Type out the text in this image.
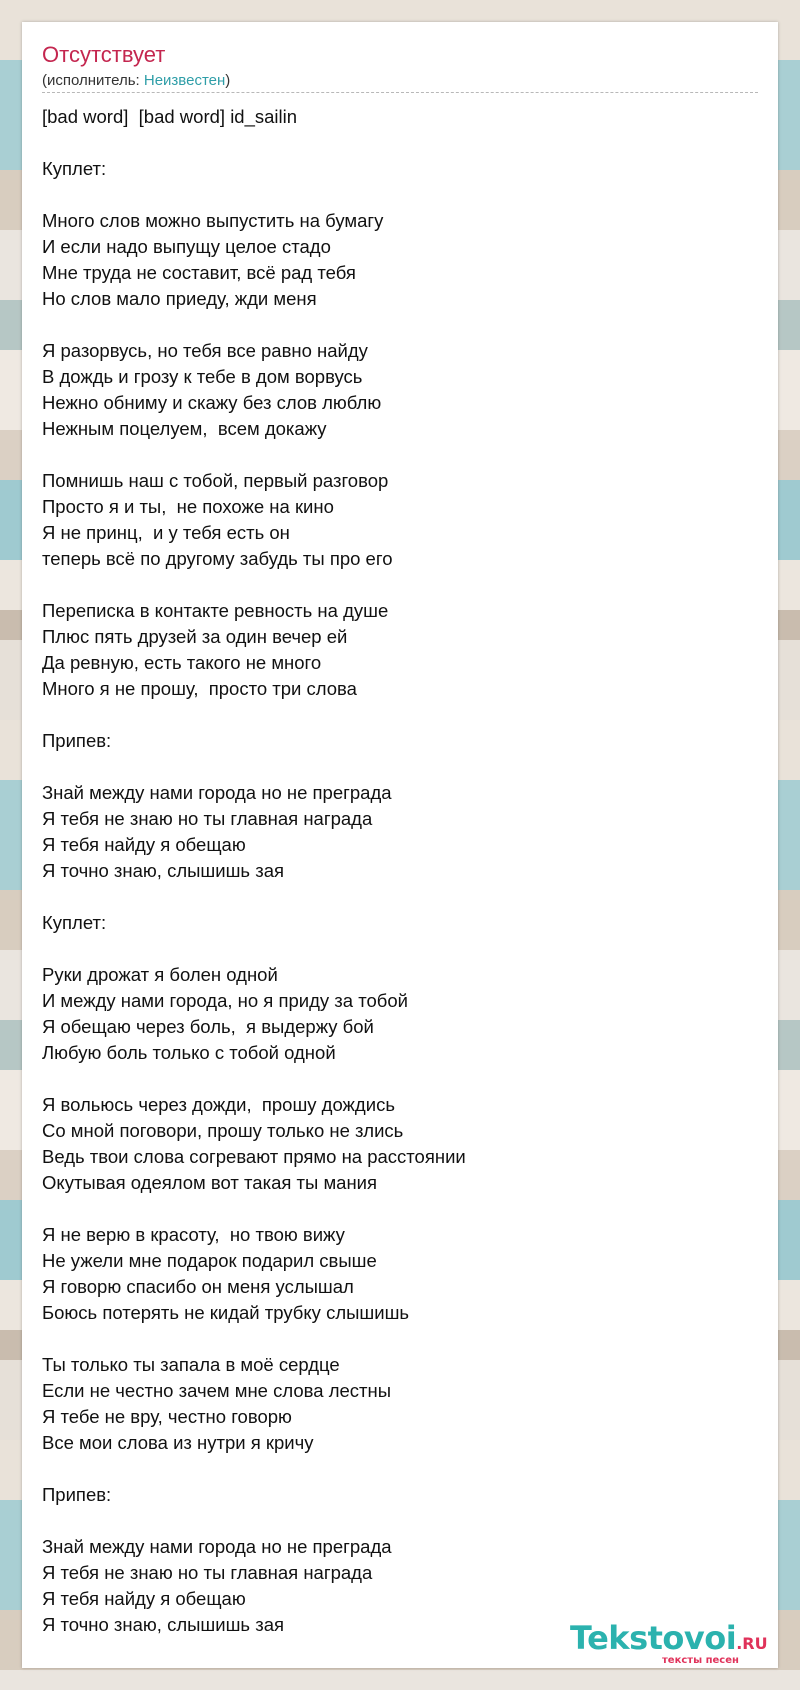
Отсутствует
(исполнитель: Неизвестен)
[bad word]  [bad word] id_sailin

Куплет:

Много слов можно выпустить на бумагу
И если надо выпущу целое стадо
Мне труда не составит, всё рад тебя
Но слов мало приеду, жди меня

Я разорвусь, но тебя все равно найду
В дождь и грозу к тебе в дом ворвусь
Нежно обниму и скажу без слов люблю
Нежным поцелуем,  всем докажу

Помнишь наш с тобой, первый разговор
Просто я и ты,  не похоже на кино
Я не принц,  и у тебя есть он
теперь всё по другому забудь ты про его

Переписка в контакте ревность на душе
Плюс пять друзей за один вечер ей
Да ревную, есть такого не много
Много я не прошу,  просто три слова

Припев:

Знай между нами города но не преграда
Я тебя не знаю но ты главная награда
Я тебя найду я обещаю
Я точно знаю, слышишь зая

Куплет:

Руки дрожат я болен одной
И между нами города, но я приду за тобой
Я обещаю через боль,  я выдержу бой
Любую боль только с тобой одной

Я вольюсь через дожди,  прошу дождись
Со мной поговори, прошу только не злись
Ведь твои слова согревают прямо на расстоянии
Окутывая одеялом вот такая ты мания

Я не верю в красоту,  но твою вижу
Не ужели мне подарок подарил свыше
Я говорю спасибо он меня услышал
Боюсь потерять не кидай трубку слышишь

Ты только ты запала в моё сердце
Если не честно зачем мне слова лестны
Я тебе не вру, честно говорю
Все мои слова из нутри я кричу

Припев:

Знай между нами города но не преграда
Я тебя не знаю но ты главная награда
Я тебя найду я обещаю
Я точно знаю, слышишь зая	Tekstovoi.RU
тексты песен
